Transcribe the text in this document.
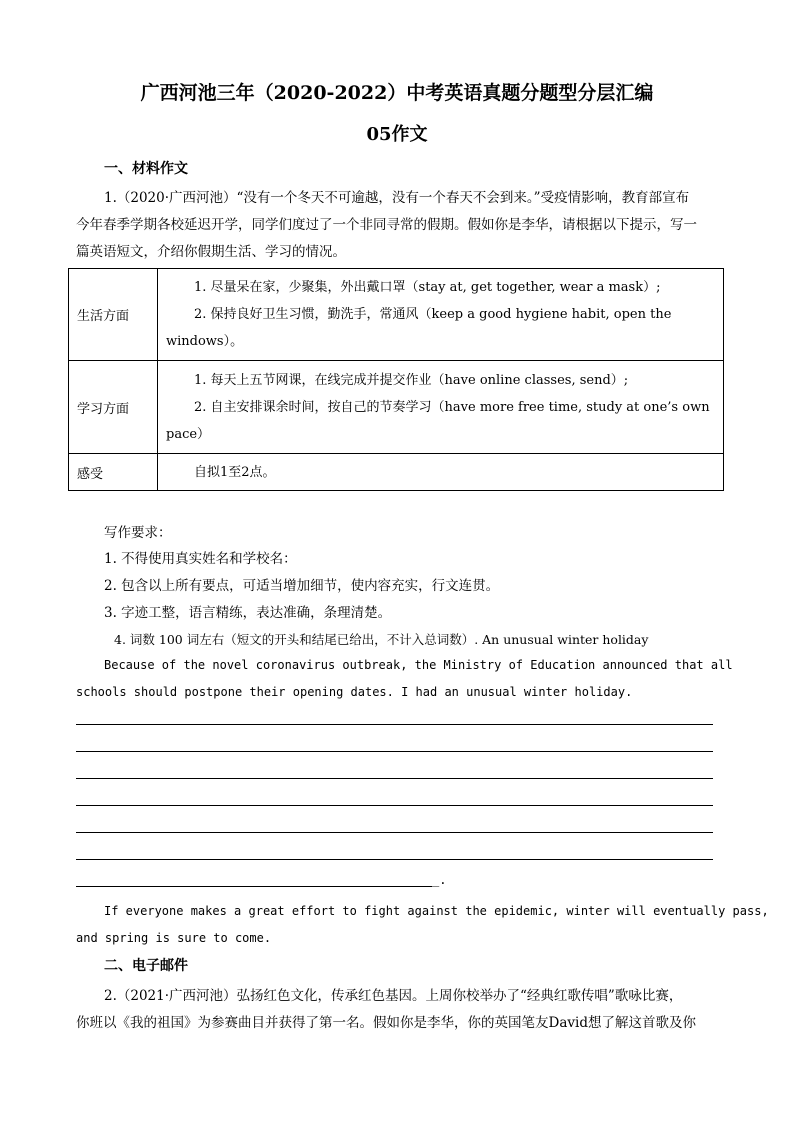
广西河池三年（2020-2022）中考英语真题分题型分层汇编
05作文
一、材料作文
1.（2020·广西河池）“没有一个冬天不可逾越，没有一个春天不会到来。”受疫情影响，教育部宣布
今年春季学期各校延迟开学，同学们度过了一个非同寻常的假期。假如你是李华，请根据以下提示，写一
篇英语短文，介绍你假期生活、学习的情况。
生活方面	1. 尽量呆在家，少聚集，外出戴口罩（stay at, get together, wear a mask）;
2. 保持良好卫生习惯，勤洗手，常通风（keep a good hygiene habit, open the
windows）。

学习方面	1. 每天上五节网课，在线完成并提交作业（have online classes, send）;
2. 自主安排课余时间，按自己的节奏学习（have more free time, study at one’s own
pace）

感受	自拟1至2点。
写作要求：
1. 不得使用真实姓名和学校名：
2. 包含以上所有要点，可适当增加细节，使内容充实，行文连贯。
3. 字迹工整，语言精练，表达准确，条理清楚。
4. 词数 100 词左右（短文的开头和结尾已给出，不计入总词数）. An unusual winter holiday
Because of the novel coronavirus outbreak, the Ministry of Education announced that all
schools should postpone their opening dates. I had an unusual winter holiday.
_.
If everyone makes a great effort to fight against the epidemic, winter will eventually pass,
and spring is sure to come.
二、电子邮件
2.（2021·广西河池）弘扬红色文化，传承红色基因。上周你校举办了“经典红歌传唱”歌咏比赛，
你班以《我的祖国》为参赛曲目并获得了第一名。假如你是李华，你的英国笔友David想了解这首歌及你
